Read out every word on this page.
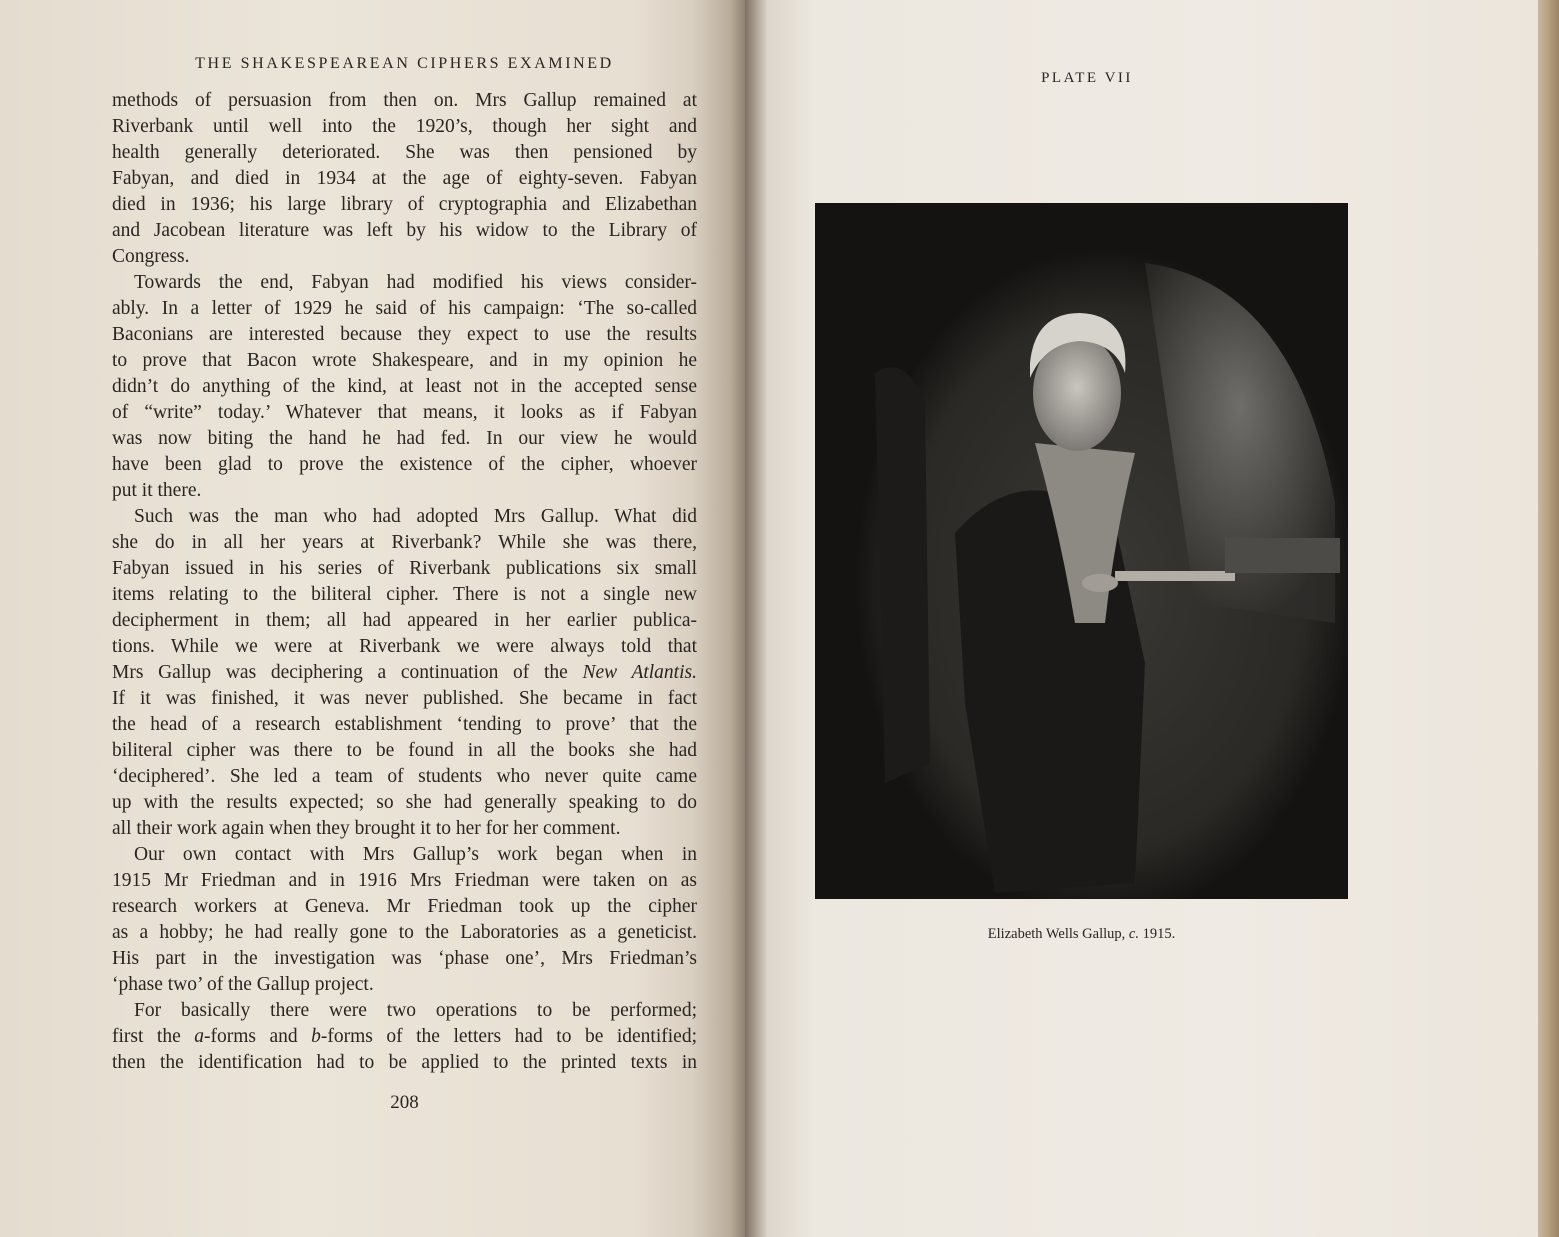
THE SHAKESPEAREAN CIPHERS EXAMINED
methods of persuasion from then on. Mrs Gallup remained at
Riverbank until well into the 1920’s, though her sight and
health generally deteriorated. She was then pensioned by
Fabyan, and died in 1934 at the age of eighty-seven. Fabyan
died in 1936; his large library of cryptographia and Elizabethan
and Jacobean literature was left by his widow to the Library of
Congress.
Towards the end, Fabyan had modified his views consider-
ably. In a letter of 1929 he said of his campaign: ‘The so-called
Baconians are interested because they expect to use the results
to prove that Bacon wrote Shakespeare, and in my opinion he
didn’t do anything of the kind, at least not in the accepted sense
of “write” today.’ Whatever that means, it looks as if Fabyan
was now biting the hand he had fed. In our view he would
have been glad to prove the existence of the cipher, whoever
put it there.
Such was the man who had adopted Mrs Gallup. What did
she do in all her years at Riverbank? While she was there,
Fabyan issued in his series of Riverbank publications six small
items relating to the biliteral cipher. There is not a single new
decipherment in them; all had appeared in her earlier publica-
tions. While we were at Riverbank we were always told that
Mrs Gallup was deciphering a continuation of the New Atlantis.
If it was finished, it was never published. She became in fact
the head of a research establishment ‘tending to prove’ that the
biliteral cipher was there to be found in all the books she had
‘deciphered’. She led a team of students who never quite came
up with the results expected; so she had generally speaking to do
all their work again when they brought it to her for her comment.
Our own contact with Mrs Gallup’s work began when in
1915 Mr Friedman and in 1916 Mrs Friedman were taken on as
research workers at Geneva. Mr Friedman took up the cipher
as a hobby; he had really gone to the Laboratories as a geneticist.
His part in the investigation was ‘phase one’, Mrs Friedman’s
‘phase two’ of the Gallup project.
For basically there were two operations to be performed;
first the a-forms and b-forms of the letters had to be identified;
then the identification had to be applied to the printed texts in
208
PLATE VII
Elizabeth Wells Gallup, c. 1915.
